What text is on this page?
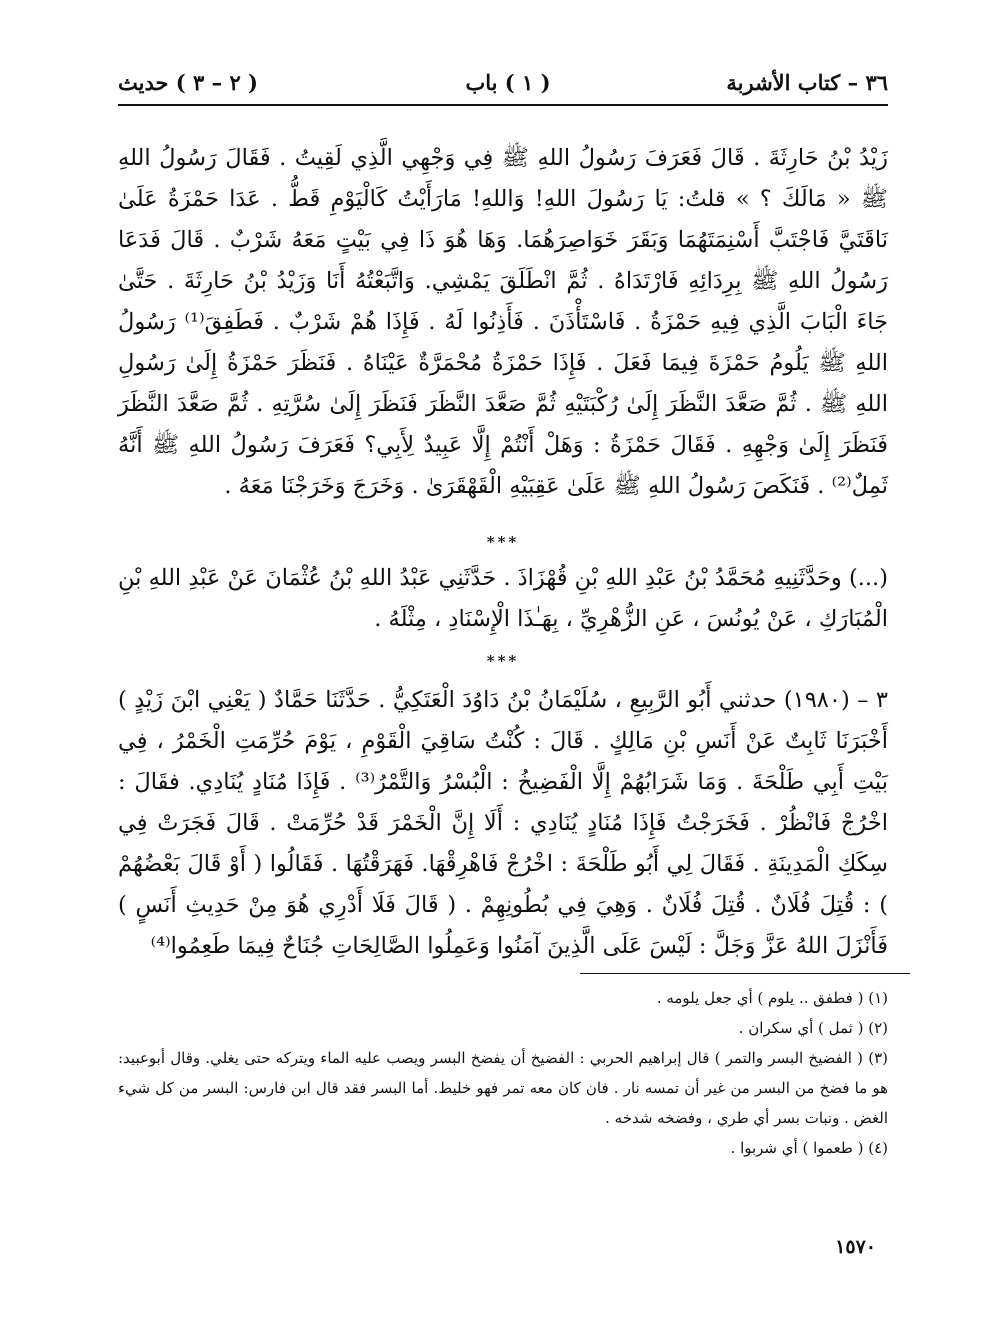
٣٦ – كتاب الأشربة
( ١ ) باب
( ٢ – ٣ ) حديث

زَيْدُ بْنُ حَارِثَةَ . قَالَ فَعَرَفَ رَسُولُ اللهِ ﷺ فِي وَجْهِي الَّذِي لَقِيتُ . فَقَالَ رَسُولُ اللهِ ﷺ « مَالَكَ ؟ » قلتُ: يَا رَسُولَ اللهِ! وَاللهِ! مَارَأَيْتُ كَالْيَوْمِ قَطُّ . عَدَا حَمْزَةُ عَلَىٰ نَاقَتَيَّ فَاجْتَبَّ أَسْنِمَتَهُمَا وَبَقَرَ خَوَاصِرَهُمَا. وَهَا هُوَ ذَا فِي بَيْتٍ مَعَهُ شَرْبٌ . قَالَ فَدَعَا رَسُولُ اللهِ ﷺ بِرِدَائِهِ فَارْتَدَاهُ . ثُمَّ انْطَلَقَ يَمْشِي. وَاتَّبَعْتُهُ أَنَا وَزَيْدُ بْنُ حَارِثَةَ . حَتَّىٰ جَاءَ الْبَابَ الَّذِي فِيهِ حَمْزَةُ . فَاسْتَأْذَنَ . فَأَذِنُوا لَهُ . فَإِذَا هُمْ شَرْبٌ . فَطَفِقَ⁽¹⁾ رَسُولُ اللهِ ﷺ يَلُومُ حَمْزَةَ فِيمَا فَعَلَ . فَإِذَا حَمْزَةُ مُحْمَرَّةٌ عَيْنَاهُ . فَنَظَرَ حَمْزَةُ إِلَىٰ رَسُولِ اللهِ ﷺ . ثُمَّ صَعَّدَ النَّظَرَ إِلَىٰ رُكْبَتَيْهِ ثُمَّ صَعَّدَ النَّظَرَ فَنَظَرَ إِلَىٰ سُرَّتِهِ . ثُمَّ صَعَّدَ النَّظَرَ فَنَظَرَ إِلَىٰ وَجْهِهِ . فَقَالَ حَمْزَةُ : وَهَلْ أَنْتُمْ إِلَّا عَبِيدٌ لِأَبِي؟ فَعَرَفَ رَسُولُ اللهِ ﷺ أَنَّهُ ثَمِلٌ⁽²⁾ . فَنَكَصَ رَسُولُ اللهِ ﷺ عَلَىٰ عَقِبَيْهِ الْقَهْقَرَىٰ . وَخَرَجَ وَخَرَجْنَا مَعَهُ .

***

(...) وحَدَّثَنِيهِ مُحَمَّدُ بْنُ عَبْدِ اللهِ بْنِ قُهْزَاذَ . حَدَّثَنِي عَبْدُ اللهِ بْنُ عُثْمَانَ عَنْ عَبْدِ اللهِ بْنِ الْمُبَارَكِ ، عَنْ يُونُسَ ، عَنِ الزُّهْرِيِّ ، بِهَـٰذَا الْإِسْنَادِ ، مِثْلَهُ .

***

٣ – (١٩٨٠) حدثني أَبُو الرَّبِيعِ ، سُلَيْمَانُ بْنُ دَاوُدَ الْعَتَكِيُّ . حَدَّثَنَا حَمَّادٌ ( يَعْنِي ابْنَ زَيْدٍ ) أَخْبَرَنَا ثَابِتٌ عَنْ أَنَسِ بْنِ مَالِكٍ . قَالَ : كُنْتُ سَاقِيَ الْقَوْمِ ، يَوْمَ حُرِّمَتِ الْخَمْرُ ، فِي بَيْتِ أَبِي طَلْحَةَ . وَمَا شَرَابُهُمْ إِلَّا الْفَضِيخُ : الْبُسْرُ وَالتَّمْرُ⁽³⁾ . فَإِذَا مُنَادٍ يُنَادِي. فقَالَ : اخْرُجْ فَانْظُرْ . فَخَرَجْتُ فَإِذَا مُنَادٍ يُنَادِي : أَلَا إِنَّ الْخَمْرَ قَدْ حُرِّمَتْ . قَالَ فَجَرَتْ فِي سِكَكِ الْمَدِينَةِ . فَقَالَ لِي أَبُو طَلْحَةَ : اخْرُجْ فَاهْرِقْهَا. فَهَرَقْتُهَا . فَقَالُوا ( أَوْ قَالَ بَعْضُهُمْ ) : قُتِلَ فُلَانٌ . قُتِلَ فُلَانٌ . وَهِيَ فِي بُطُونِهِمْ . ( قَالَ فَلَا أَدْرِي هُوَ مِنْ حَدِيثِ أَنَسٍ ) فَأَنْزَلَ اللهُ عَزَّ وَجَلَّ : لَيْسَ عَلَى الَّذِينَ آمَنُوا وَعَمِلُوا الصَّالِحَاتِ جُنَاحٌ فِيمَا طَعِمُوا⁽⁴⁾

(١) ( فطفق .. يلوم ) أي جعل يلومه .

(٢) ( ثمل ) أي سكران .

(٣) ( الفضيخ البسر والتمر ) قال إبراهيم الحربي : الفضيخ أن يفضخ البسر ويصب عليه الماء ويتركه حتى يغلي. وقال أبوعبيد: هو ما فضخ من البسر من غير أن تمسه نار . فان كان معه تمر فهو خليط. أما البسر فقد قال ابن فارس: البسر من كل شيء الغض . ونبات بسر أي طري ، وفضخه شدخه .

(٤) ( طعموا ) أي شربوا .

١٥٧٠
